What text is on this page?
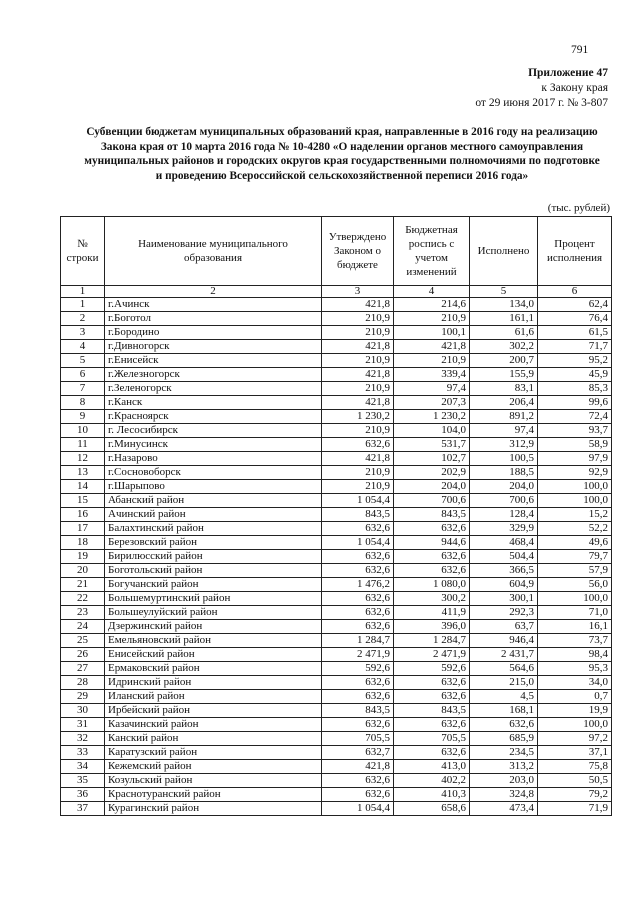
791
Приложение 47
к Закону края
от 29 июня 2017 г. № 3-807
Субвенции бюджетам муниципальных образований края, направленные в 2016 году на реализацию
Закона края от 10 марта 2016 года № 10-4280 «О наделении органов местного самоуправления
муниципальных районов и городских округов края государственными полномочиями по подготовке
и проведению Всероссийской сельскохозяйственной переписи 2016 года»
(тыс. рублей)
№ строки	Наименование муниципального образования	Утверждено Законом о бюджете	Бюджетная роспись с учетом изменений	Исполнено	Процент исполнения
1	2	3	4	5	6
1	г.Ачинск	421,8	214,6	134,0	62,4
2	г.Боготол	210,9	210,9	161,1	76,4
3	г.Бородино	210,9	100,1	61,6	61,5
4	г.Дивногорск	421,8	421,8	302,2	71,7
5	г.Енисейск	210,9	210,9	200,7	95,2
6	г.Железногорск	421,8	339,4	155,9	45,9
7	г.Зеленогорск	210,9	97,4	83,1	85,3
8	г.Канск	421,8	207,3	206,4	99,6
9	г.Красноярск	1 230,2	1 230,2	891,2	72,4
10	г. Лесосибирск	210,9	104,0	97,4	93,7
11	г.Минусинск	632,6	531,7	312,9	58,9
12	г.Назарово	421,8	102,7	100,5	97,9
13	г.Сосновоборск	210,9	202,9	188,5	92,9
14	г.Шарыпово	210,9	204,0	204,0	100,0
15	Абанский район	1 054,4	700,6	700,6	100,0
16	Ачинский район	843,5	843,5	128,4	15,2
17	Балахтинский район	632,6	632,6	329,9	52,2
18	Березовский район	1 054,4	944,6	468,4	49,6
19	Бирилюсский район	632,6	632,6	504,4	79,7
20	Боготольский район	632,6	632,6	366,5	57,9
21	Богучанский район	1 476,2	1 080,0	604,9	56,0
22	Большемуртинский район	632,6	300,2	300,1	100,0
23	Большеулуйский район	632,6	411,9	292,3	71,0
24	Дзержинский район	632,6	396,0	63,7	16,1
25	Емельяновский район	1 284,7	1 284,7	946,4	73,7
26	Енисейский район	2 471,9	2 471,9	2 431,7	98,4
27	Ермаковский район	592,6	592,6	564,6	95,3
28	Идринский район	632,6	632,6	215,0	34,0
29	Иланский район	632,6	632,6	4,5	0,7
30	Ирбейский район	843,5	843,5	168,1	19,9
31	Казачинский район	632,6	632,6	632,6	100,0
32	Канский район	705,5	705,5	685,9	97,2
33	Каратузский район	632,7	632,6	234,5	37,1
34	Кежемский район	421,8	413,0	313,2	75,8
35	Козульский район	632,6	402,2	203,0	50,5
36	Краснотуранский район	632,6	410,3	324,8	79,2
37	Курагинский район	1 054,4	658,6	473,4	71,9
